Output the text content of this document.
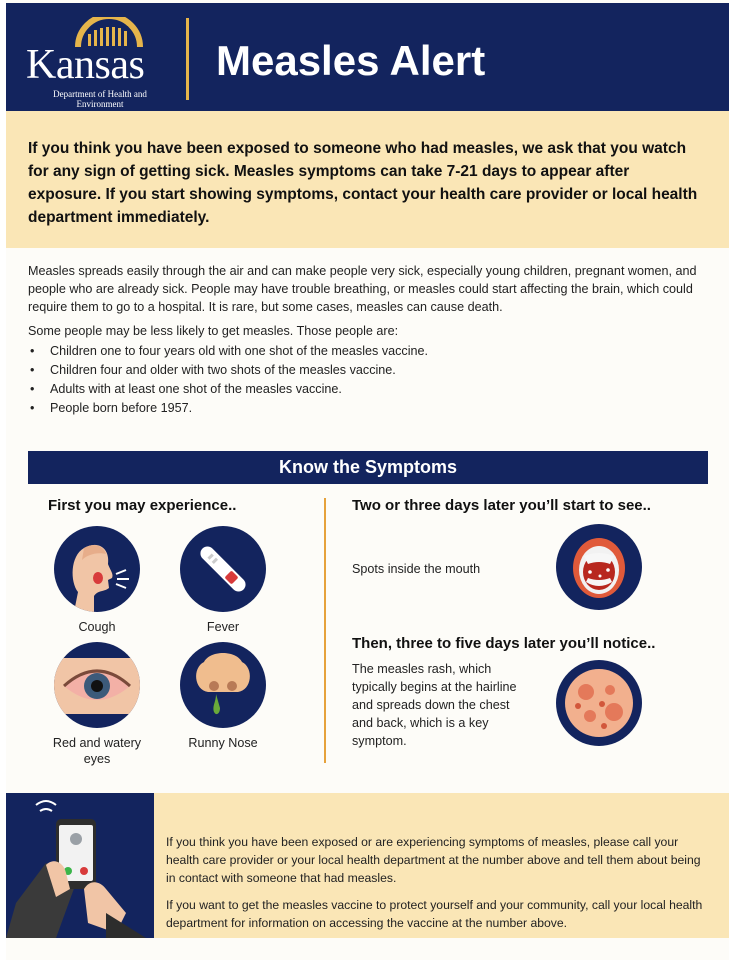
Kansas
Department of Health and Environment
Measles Alert

If you think you have been exposed to someone who had measles, we ask that you watch for any sign of getting sick. Measles symptoms can take 7-21 days to appear after exposure. If you start showing symptoms, contact your health care provider or local health department immediately.

Measles spreads easily through the air and can make people very sick, especially young children, pregnant women, and people who are already sick. People may have trouble breathing, or measles could start affecting the brain, which could require them to go to a hospital. It is rare, but some cases, measles can cause death.

Some people may be less likely to get measles. Those people are:

• Children one to four years old with one shot of the measles vaccine.
• Children four and older with two shots of the measles vaccine.
• Adults with at least one shot of the measles vaccine.
• People born before 1957.
Know the Symptoms
First you may experience..
Cough	Fever
Red and watery eyes
Runny Nose
Two or three days later you’ll start to see..
Spots inside the mouth
Then, three to five days later you’ll notice..
The measles rash, which typically begins at the hairline and spreads down the chest and back, which is a key symptom.

If you think you have been exposed or are experiencing symptoms of measles, please call your health care provider or your local health department at the number above and tell them about being in contact with someone that had measles.

If you want to get the measles vaccine to protect yourself and your community, call your local health department for information on accessing the vaccine at the number above.
